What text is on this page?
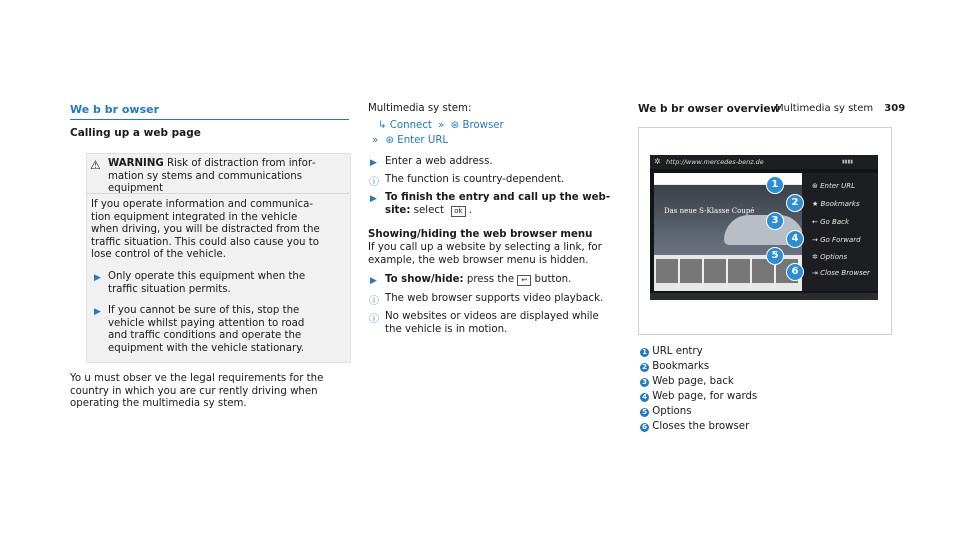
Multimedia sy stem 309
We b br owser
Calling up a web page
⚠ WARNING Risk of distraction from infor‐
mation sy stems and communications
equipment
If you operate information and communica‐
tion equipment integrated in the vehicle
when driving, you will be distracted from the
traffic situation. This could also cause you to
lose control of the vehicle.
▶ Only operate this equipment when the
traffic situation permits.
▶ If you cannot be sure of this, stop the
vehicle whilst paying attention to road
and traffic conditions and operate the
equipment with the vehicle stationary.
Yo u must obser ve the legal requirements for the
country in which you are cur rently driving when
operating the multimedia sy stem.
Multimedia sy stem:
↳ Connect » ⊛ Browser
» ⊛ Enter URL
▶ Enter a web address.
ⓘ The function is country-dependent.
▶ To finish the entry and call up the web‐
site: select ok .
Showing/hiding the web browser menu
If you call up a website by selecting a link, for
example, the web browser menu is hidden.
▶ To show/hide: press the ↩ button.
ⓘ The web browser supports video playback.
ⓘ No websites or videos are displayed while
the vehicle is in motion.
We b br owser overview
✲ http://www.mercedes-benz.de	▮▮▮▮
Das neue S-Klasse Coupé
⊛ Enter URL
★ Bookmarks
← Go Back
→ Go Forward
✲ Options
⇥ Close Browser
1
2
3
4
5
6
1 URL entry
2 Bookmarks
3 Web page, back
4 Web page, for wards
5 Options
6 Closes the browser
